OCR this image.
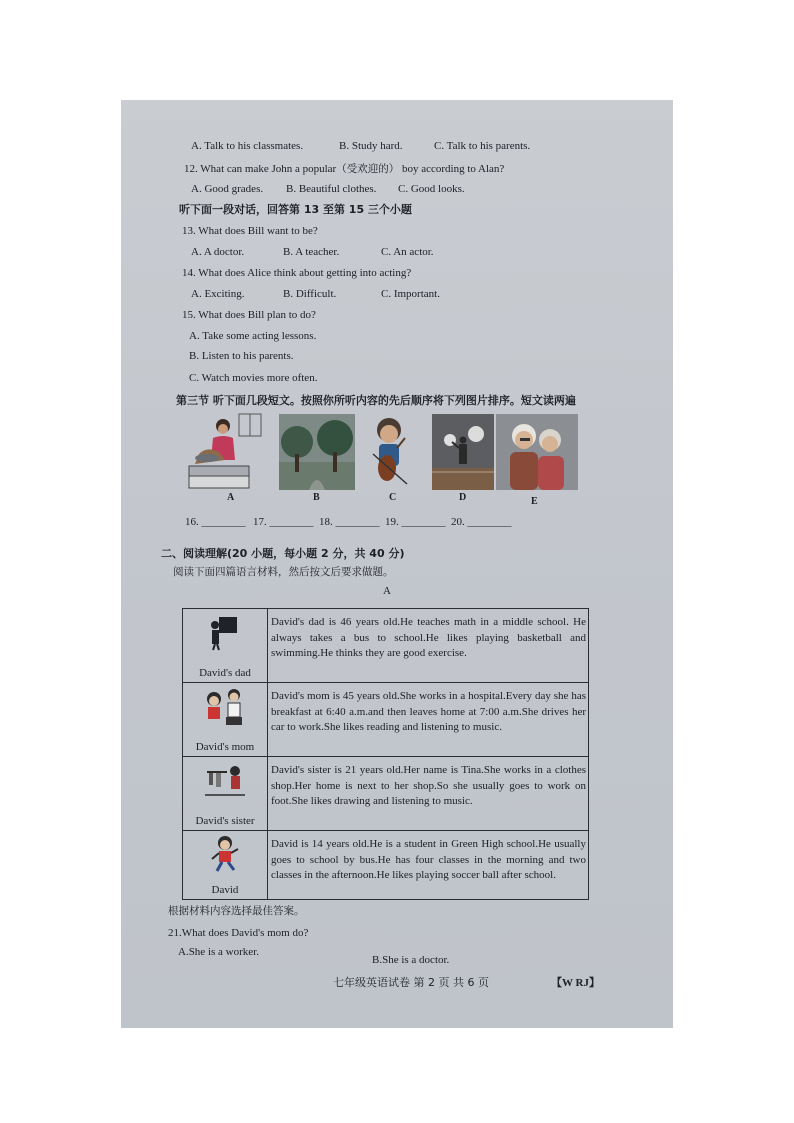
A. Talk to his classmates.	B. Study hard.	C. Talk to his parents.
12. What can make John a popular（受欢迎的） boy according to Alan?
A. Good grades. B. Beautiful clothes. C. Good looks.
听下面一段对话，回答第 13 至第 15 三个小题
13. What does Bill want to be?
A. A doctor.	B. A teacher.	C. An actor.
14. What does Alice think about getting into acting?
A. Exciting.	B. Difficult.	C. Important.
15. What does Bill plan to do?
A. Take some acting lessons.
B. Listen to his parents.
C. Watch movies more often.
第三节 听下面几段短文。按照你所听内容的先后顺序将下列图片排序。短文读两遍
A	B	C	D	E
16. ________ 17. ________ 18. ________ 19. ________ 20. ________
二、阅读理解(20 小题，每小题 2 分，共 40 分)
阅读下面四篇语言材料，然后按文后要求做题。
A
David's dad	David's dad is 46 years old.He teaches math in a middle school. He always takes a bus to school.He likes playing basketball and swimming.He thinks they are good exercise.

David's mom	David's mom is 45 years old.She works in a hospital.Every day she has breakfast at 6:40 a.m.and then leaves home at 7:00 a.m.She drives her car to work.She likes reading and listening to music.

David's sister	David's sister is 21 years old.Her name is Tina.She works in a clothes shop.Her home is next to her shop.So she usually goes to work on foot.She likes drawing and listening to music.

David	David is 14 years old.He is a student in Green High school.He usually goes to school by bus.He has four classes in the morning and two classes in the afternoon.He likes playing soccer ball after school.
根据材料内容选择最佳答案。
21.What does David's mom do?
A.She is a worker.
B.She is a doctor.
七年级英语试卷 第 2 页 共 6 页	【W RJ】
